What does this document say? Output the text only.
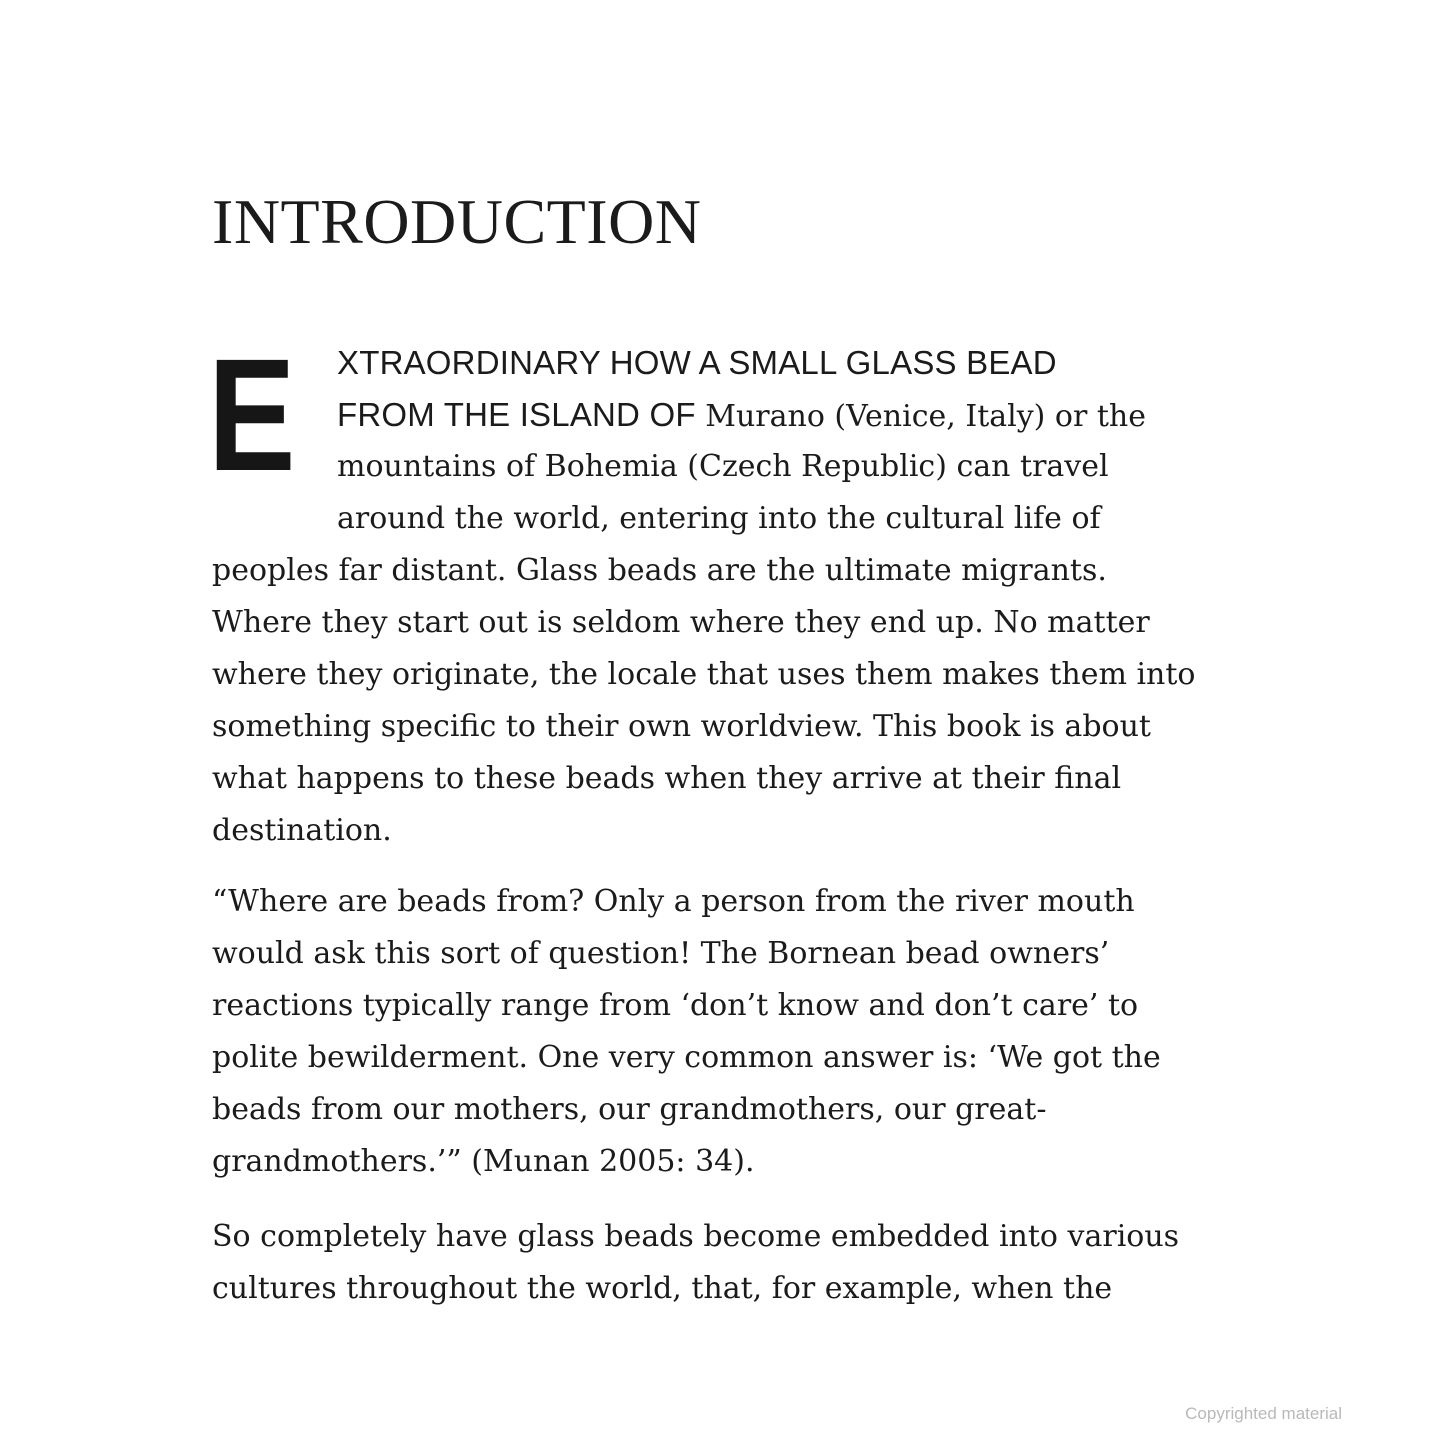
INTRODUCTION
E	XTRAORDINARY HOW A SMALL GLASS BEAD
FROM THE ISLAND OF Murano (Venice, Italy) or the
mountains of Bohemia (Czech Republic) can travel
around the world, entering into the cultural life of
peoples far distant. Glass beads are the ultimate migrants.
Where they start out is seldom where they end up. No matter
where they originate, the locale that uses them makes them into
something specific to their own worldview. This book is about
what happens to these beads when they arrive at their final
destination.
“Where are beads from? Only a person from the river mouth
would ask this sort of question! The Bornean bead owners’
reactions typically range from ‘don’t know and don’t care’ to
polite bewilderment. One very common answer is: ‘We got the
beads from our mothers, our grandmothers, our great-
grandmothers.’” (Munan 2005: 34).
So completely have glass beads become embedded into various
cultures throughout the world, that, for example, when the
Copyrighted material
